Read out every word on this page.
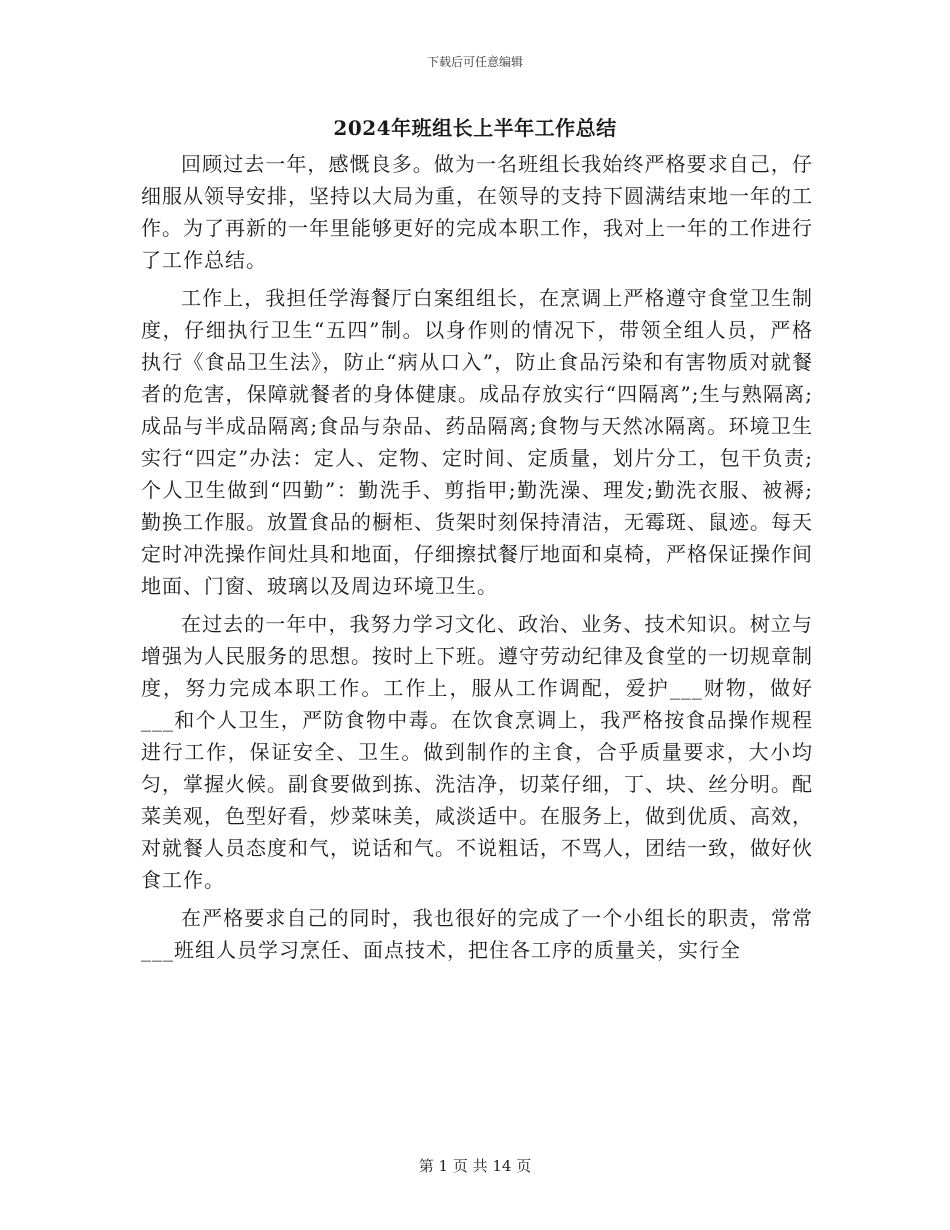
下载后可任意编辑
2024年班组长上半年工作总结

回顾过去一年，感慨良多。做为一名班组长我始终严格要求自己，仔细服从领导安排，坚持以大局为重，在领导的支持下圆满结束地一年的工作。为了再新的一年里能够更好的完成本职工作，我对上一年的工作进行了工作总结。

工作上，我担任学海餐厅白案组组长，在烹调上严格遵守食堂卫生制度，仔细执行卫生“五四”制。以身作则的情况下，带领全组人员，严格执行《食品卫生法》，防止“病从口入”，防止食品污染和有害物质对就餐者的危害，保障就餐者的身体健康。成品存放实行“四隔离”;生与熟隔离;成品与半成品隔离;食品与杂品、药品隔离;食物与天然冰隔离。环境卫生实行“四定”办法：定人、定物、定时间、定质量，划片分工，包干负责;个人卫生做到“四勤”：勤洗手、剪指甲;勤洗澡、理发;勤洗衣服、被褥;勤换工作服。放置食品的橱柜、货架时刻保持清洁，无霉斑、鼠迹。每天定时冲洗操作间灶具和地面，仔细擦拭餐厅地面和桌椅，严格保证操作间地面、门窗、玻璃以及周边环境卫生。

在过去的一年中，我努力学习文化、政治、业务、技术知识。树立与增强为人民服务的思想。按时上下班。遵守劳动纪律及食堂的一切规章制度，努力完成本职工作。工作上，服从工作调配，爱护___财物，做好___和个人卫生，严防食物中毒。在饮食烹调上，我严格按食品操作规程进行工作，保证安全、卫生。做到制作的主食，合乎质量要求，大小均匀，掌握火候。副食要做到拣、洗洁净，切菜仔细，丁、块、丝分明。配菜美观，色型好看，炒菜味美，咸淡适中。在服务上，做到优质、高效，对就餐人员态度和气，说话和气。不说粗话，不骂人，团结一致，做好伙食工作。

在严格要求自己的同时，我也很好的完成了一个小组长的职责，常常___班组人员学习烹任、面点技术，把住各工序的质量关，实行全

第 1 页 共 14 页
